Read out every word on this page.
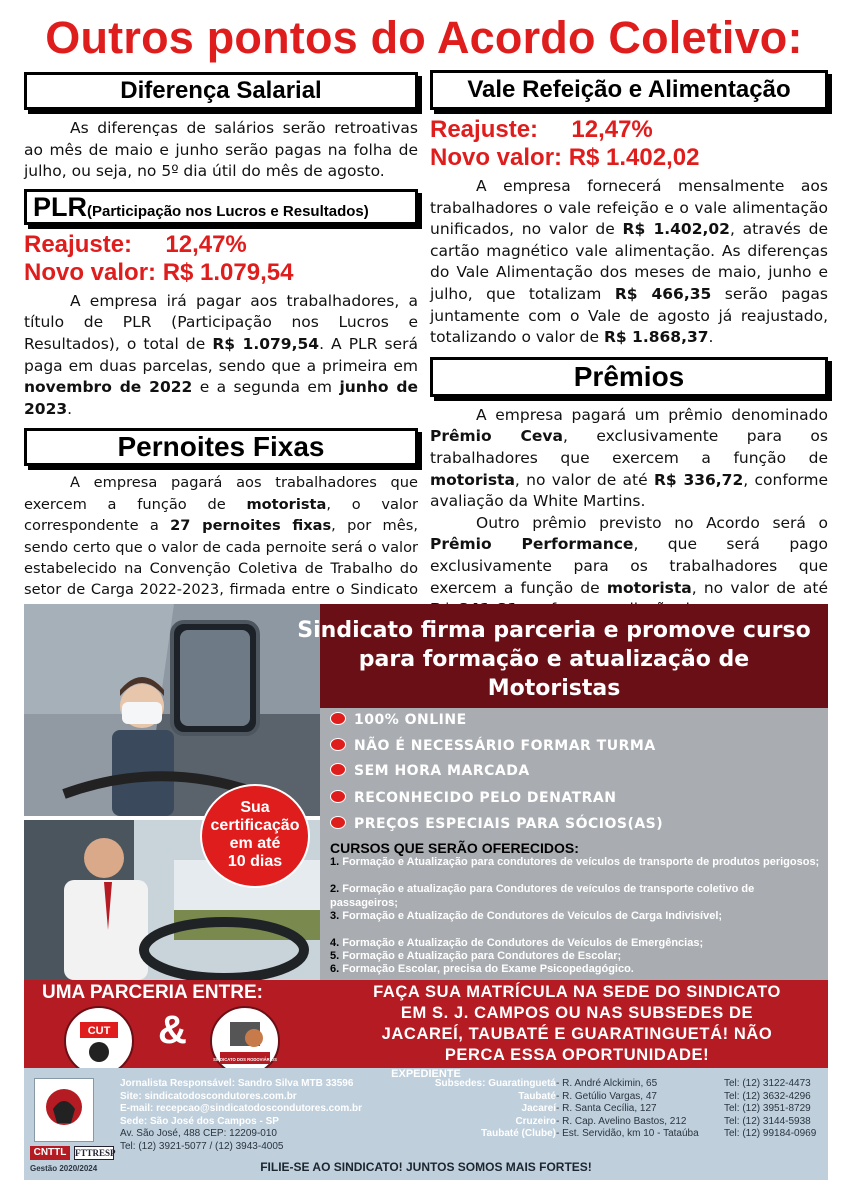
Outros pontos do Acordo Coletivo:
Diferença Salarial

As diferenças de salários serão retroativas ao mês de maio e junho serão pagas na folha de julho, ou seja, no 5º dia útil do mês de agosto.

PLR(Participação nos Lucros e Resultados)
Reajuste:     12,47%
Novo valor: R$ 1.079,54

A empresa irá pagar aos trabalhadores, a título de PLR (Participação nos Lucros e Resultados), o total de R$ 1.079,54. A PLR será paga em duas parcelas, sendo que a primeira em novembro de 2022 e a segunda em junho de 2023.

Pernoites Fixas

A empresa pagará aos trabalhadores que exercem a função de motorista, o valor correspondente a 27 pernoites fixas, por mês, sendo certo que o valor de cada pernoite será o valor estabelecido na Convenção Coletiva de Trabalho do setor de Carga 2022-2023, firmada entre o Sindicato

Vale Refeição e Alimentação
Reajuste:     12,47%
Novo valor: R$ 1.402,02

A empresa fornecerá mensalmente aos trabalhadores o vale refeição e o vale alimentação unificados, no valor de R$ 1.402,02, através de cartão magnético vale alimentação. As diferenças do Vale Alimentação dos meses de maio, junho e julho, que totalizam R$ 466,35 serão pagas juntamente com o Vale de agosto já reajustado, totalizando o valor de R$ 1.868,37.

Prêmios

A empresa pagará um prêmio denominado Prêmio Ceva, exclusivamente para os trabalhadores que exercem a função de motorista, no valor de até R$ 336,72, conforme avaliação da White Martins.

Outro prêmio previsto no Acordo será o Prêmio Performance, que será pago exclusivamente para os trabalhadores que exercem a função de motorista, no valor de até

Sindicato firma parceria e promove curso
para formação e atualização de
Motoristas
100% ONLINE
NÃO É NECESSÁRIO FORMAR TURMA
SEM HORA MARCADA
RECONHECIDO PELO DENATRAN
PREÇOS ESPECIAIS PARA SÓCIOS(AS)
Sua
certificação
em até
10 dias
CURSOS QUE SERÃO OFERECIDOS:
1. Formação e Atualização para condutores de veículos de transporte de produtos perigosos;
2. Formação e atualização para Condutores de veículos de transporte coletivo de passageiros;
3. Formação e Atualização de Condutores de Veículos de Carga Indivisível;
4. Formação e Atualização de Condutores de Veículos de Emergências;
5. Formação e Atualização para Condutores de Escolar;
6. Formação Escolar, precisa do Exame Psicopedagógico.
UMA PARCERIA ENTRE:
CUT &
SINDICATO DOS RODOVIÁRIOS
FAÇA SUA MATRÍCULA NA SEDE DO SINDICATO
EM S. J. CAMPOS OU NAS SUBSEDES DE
JACAREÍ, TAUBATÉ E GUARATINGUETÁ! NÃO
PERCA ESSA OPORTUNIDADE!
EXPEDIENTE
Jornalista Responsável: Sandro Silva MTB 33596
Site: sindicatodoscondutores.com.br
E-mail: recepcao@sindicatodoscondutores.com.br
Sede: São José dos Campos - SP
Av. São José, 488 CEP: 12209-010
Tel: (12) 3921-5077 / (12) 3943-4005
Subsedes: Guaratinguetá
Taubaté
Jacareí
Cruzeiro
Taubaté (Clube)
- R. André Alckimin, 65
- R. Getúlio Vargas, 47
- R. Santa Cecília, 127
- R. Cap. Avelino Bastos, 212
- Est. Servidão, km 10 - Tataúba
Tel: (12) 3122-4473
Tel: (12) 3632-4296
Tel: (12) 3951-8729
Tel: (12) 3144-5938
Tel: (12) 99184-0969
CNTTL FTTRESP
Gestão 2020/2024	FILIE-SE AO SINDICATO! JUNTOS SOMOS MAIS FORTES!
